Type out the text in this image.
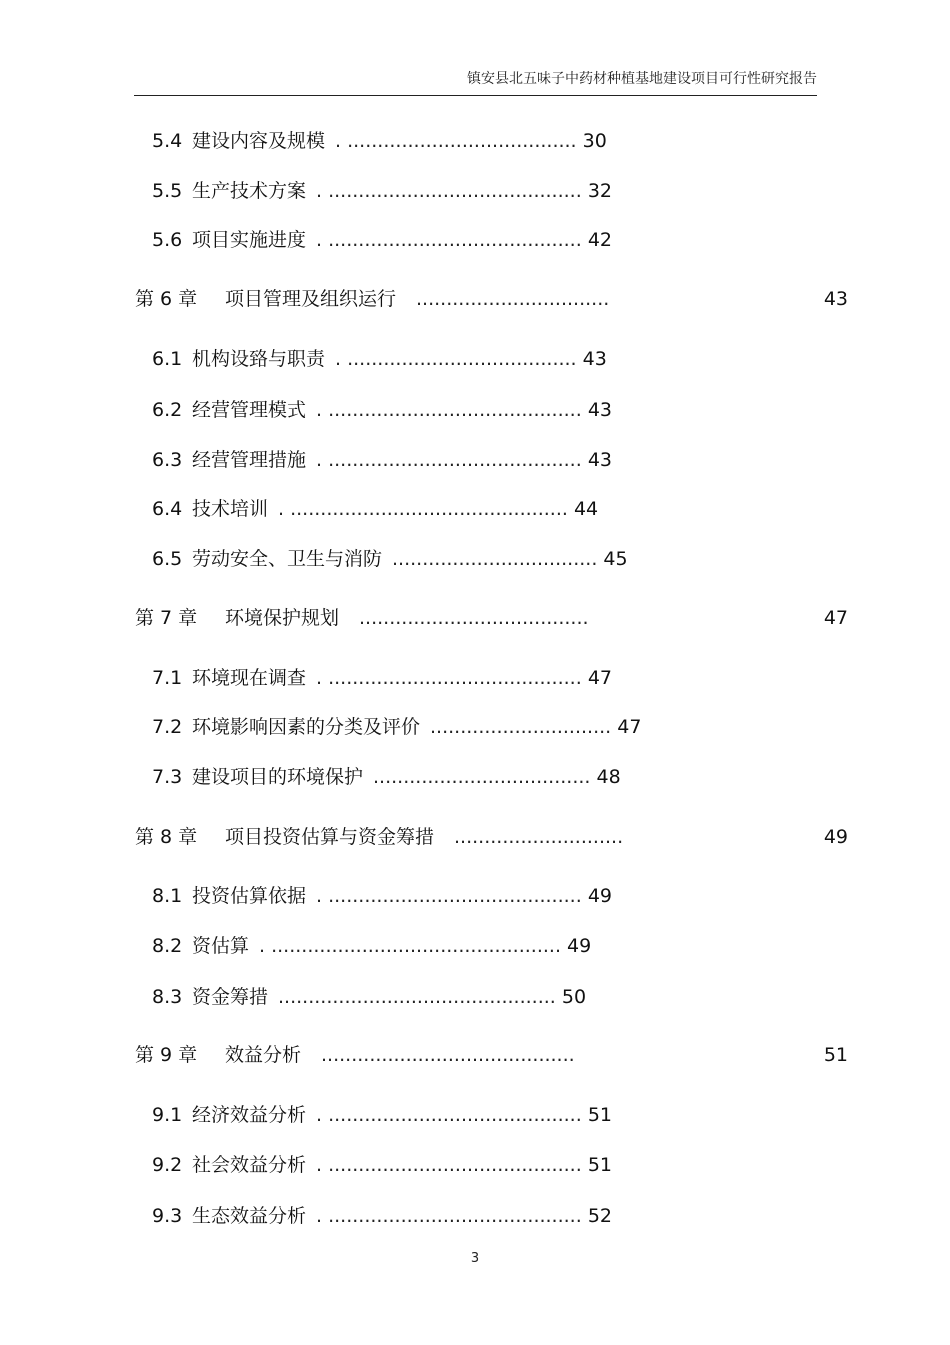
镇安县北五味子中药材种植基地建设项目可行性研究报告
5.4 建设内容及规模 . ...................................... 30
5.5 生产技术方案 . .......................................... 32
5.6 项目实施进度 . .......................................... 42
第 6 章 项目管理及组织运行 ................................	43
6.1 机构设臵与职责 . ...................................... 43
6.2 经营管理模式 . .......................................... 43
6.3 经营管理措施 . .......................................... 43
6.4 技术培训 . .............................................. 44
6.5 劳动安全、卫生与消防 .................................. 45
第 7 章 环境保护规划 ......................................	47
7.1 环境现在调查 . .......................................... 47
7.2 环境影响因素的分类及评价 .............................. 47
7.3 建设项目的环境保护 .................................... 48
第 8 章 项目投资估算与资金筹措 ............................	49
8.1 投资估算依据 . .......................................... 49
8.2 资估算 . ................................................ 49
8.3 资金筹措 .............................................. 50
第 9 章 效益分析 ..........................................	51
9.1 经济效益分析 . .......................................... 51
9.2 社会效益分析 . .......................................... 51
9.3 生态效益分析 . .......................................... 52
3
